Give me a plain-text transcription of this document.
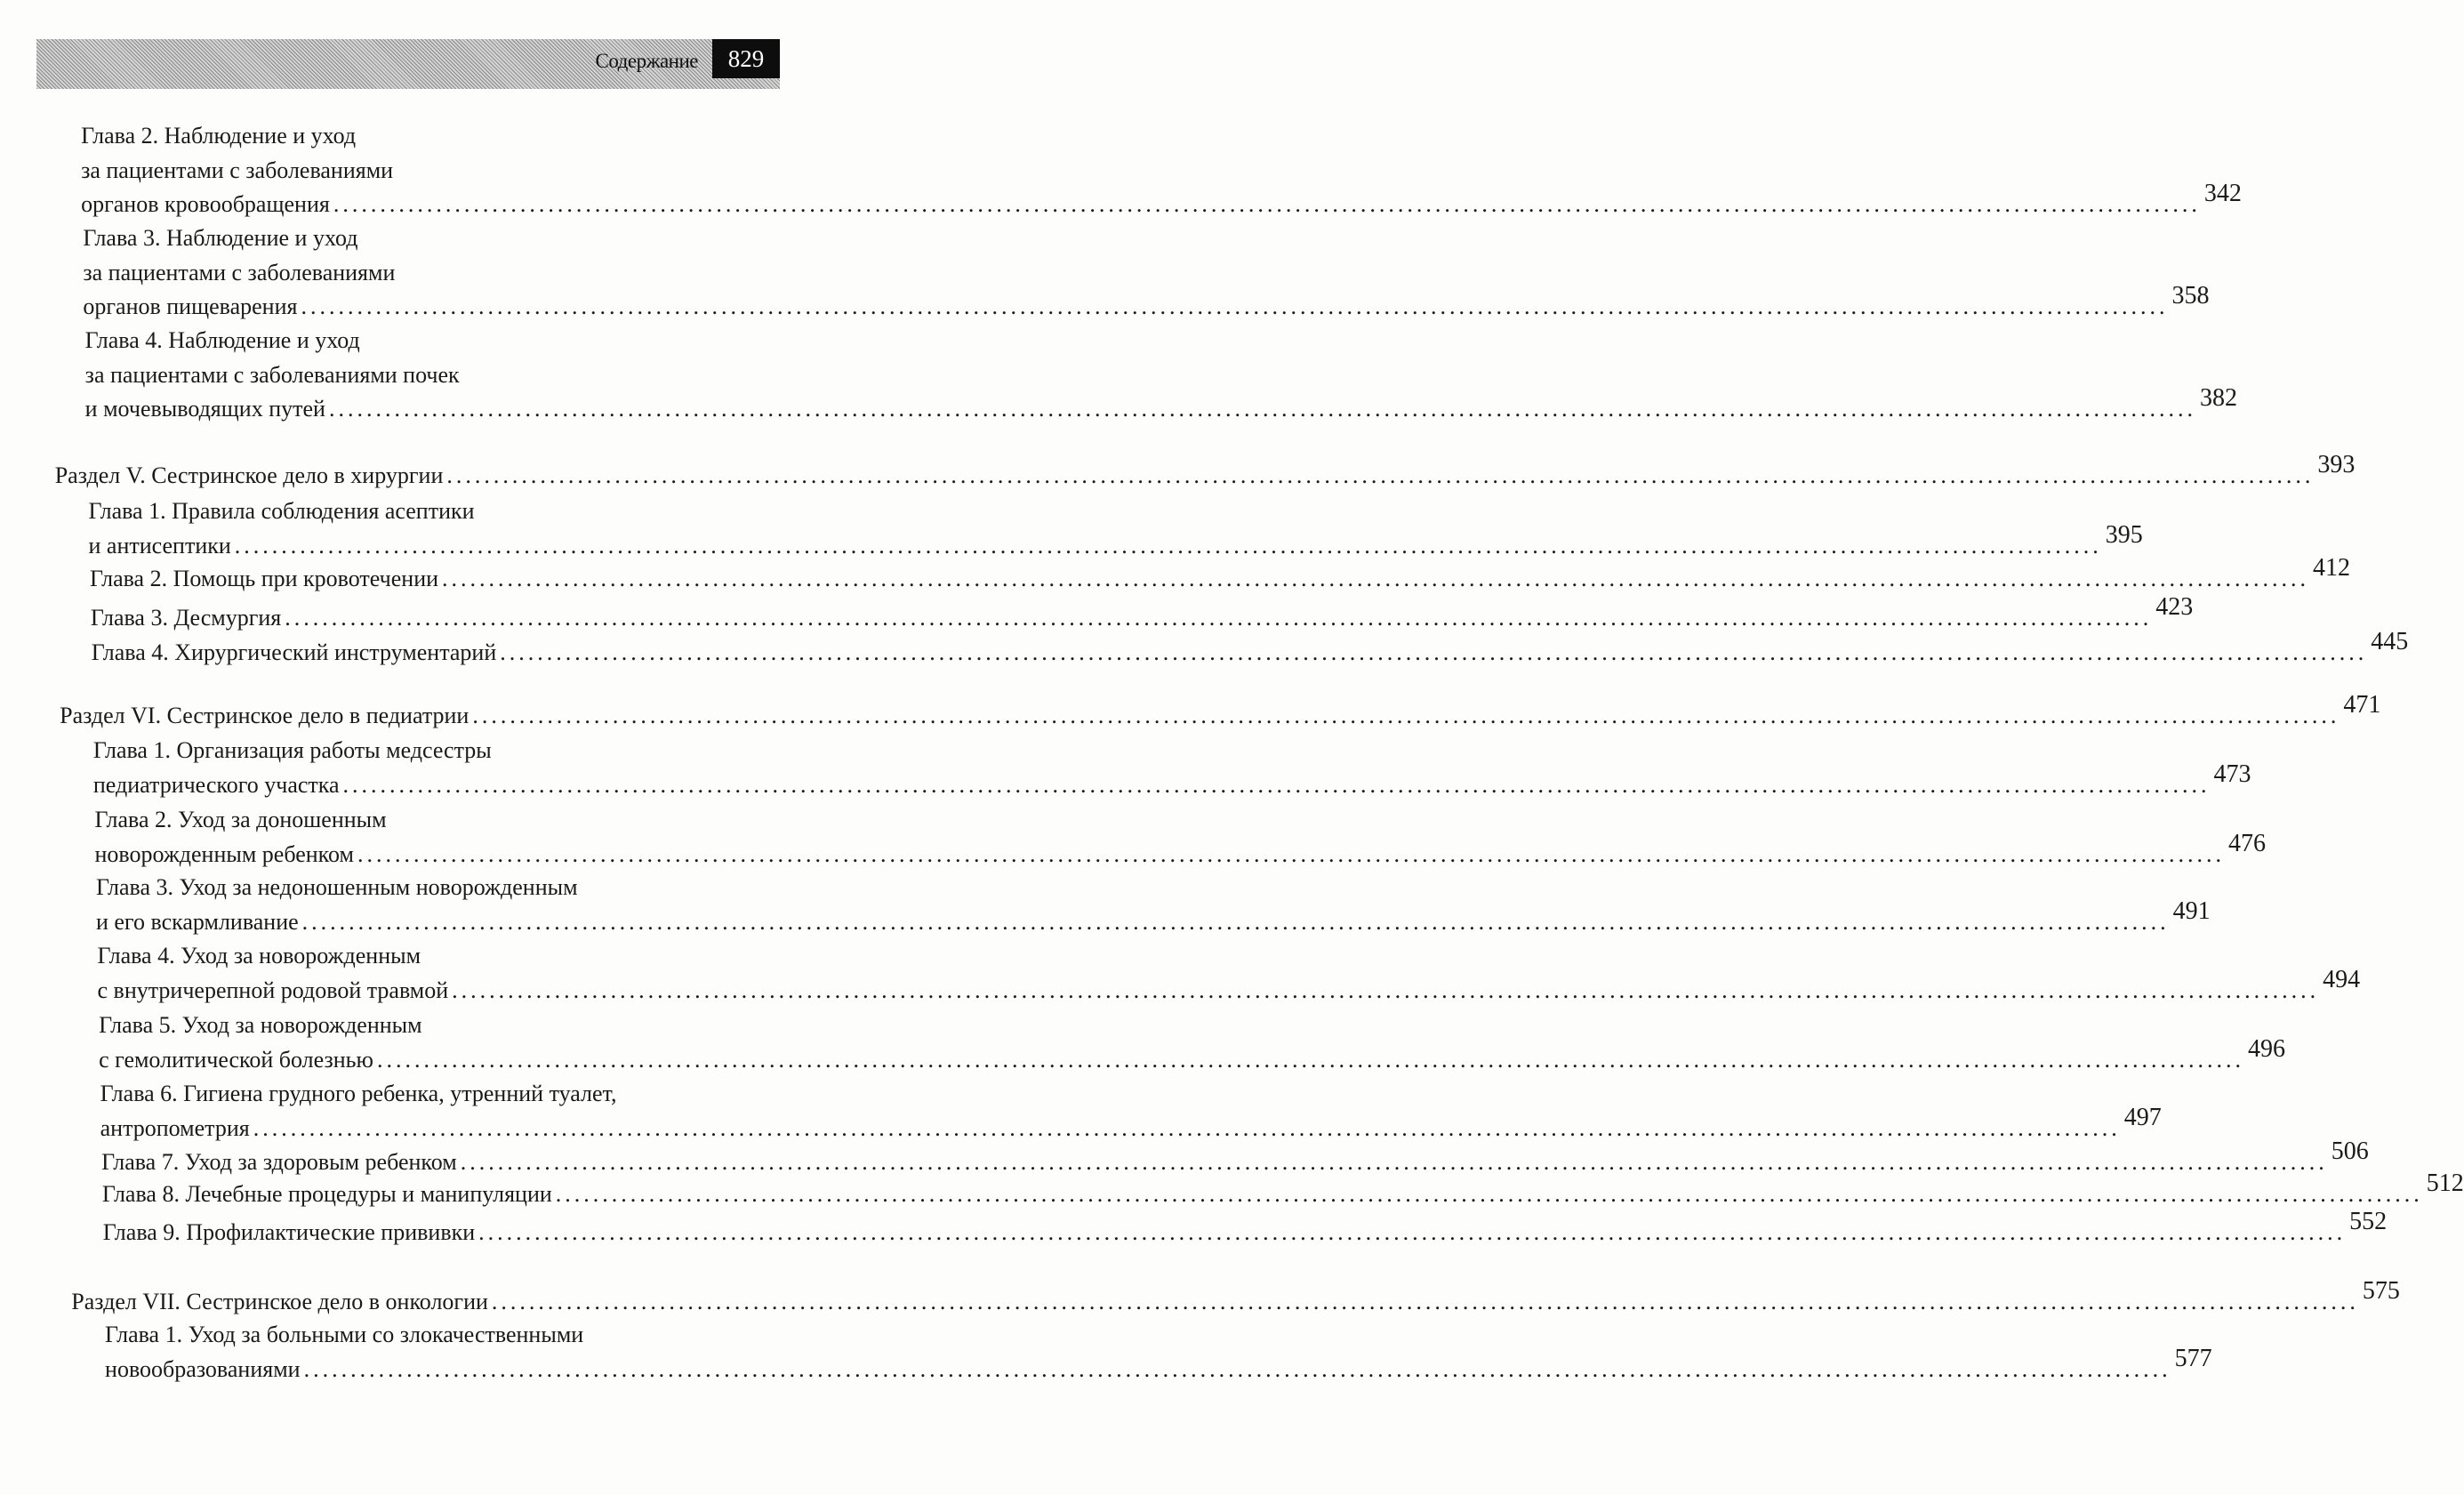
Содержание	829
Глава 2. Наблюдение и уход
за пациентами с заболеваниями
органов кровообращения ........................................................................................................................................................................................................ 342
Глава 3. Наблюдение и уход
за пациентами с заболеваниями
органов пищеварения ........................................................................................................................................................................................................ 358
Глава 4. Наблюдение и уход
за пациентами с заболеваниями почек
и мочевыводящих путей ........................................................................................................................................................................................................ 382
Раздел V. Сестринское дело в хирургии ........................................................................................................................................................................................................ 393
Глава 1. Правила соблюдения асептики
и антисептики ........................................................................................................................................................................................................ 395
Глава 2. Помощь при кровотечении ........................................................................................................................................................................................................ 412
Глава 3. Десмургия ........................................................................................................................................................................................................ 423
Глава 4. Хирургический инструментарий ........................................................................................................................................................................................................ 445
Раздел VI. Сестринское дело в педиатрии ........................................................................................................................................................................................................ 471
Глава 1. Организация работы медсестры
педиатрического участка ........................................................................................................................................................................................................ 473
Глава 2. Уход за доношенным
новорожденным ребенком ........................................................................................................................................................................................................ 476
Глава 3. Уход за недоношенным новорожденным
и его вскармливание ........................................................................................................................................................................................................ 491
Глава 4. Уход за новорожденным
с внутричерепной родовой травмой ........................................................................................................................................................................................................ 494
Глава 5. Уход за новорожденным
с гемолитической болезнью ........................................................................................................................................................................................................ 496
Глава 6. Гигиена грудного ребенка, утренний туалет,
антропометрия ........................................................................................................................................................................................................ 497
Глава 7. Уход за здоровым ребенком ........................................................................................................................................................................................................ 506
Глава 8. Лечебные процедуры и манипуляции ........................................................................................................................................................................................................ 512
Глава 9. Профилактические прививки ........................................................................................................................................................................................................ 552
Раздел VII. Сестринское дело в онкологии ........................................................................................................................................................................................................ 575
Глава 1. Уход за больными со злокачественными
новообразованиями ........................................................................................................................................................................................................ 577
